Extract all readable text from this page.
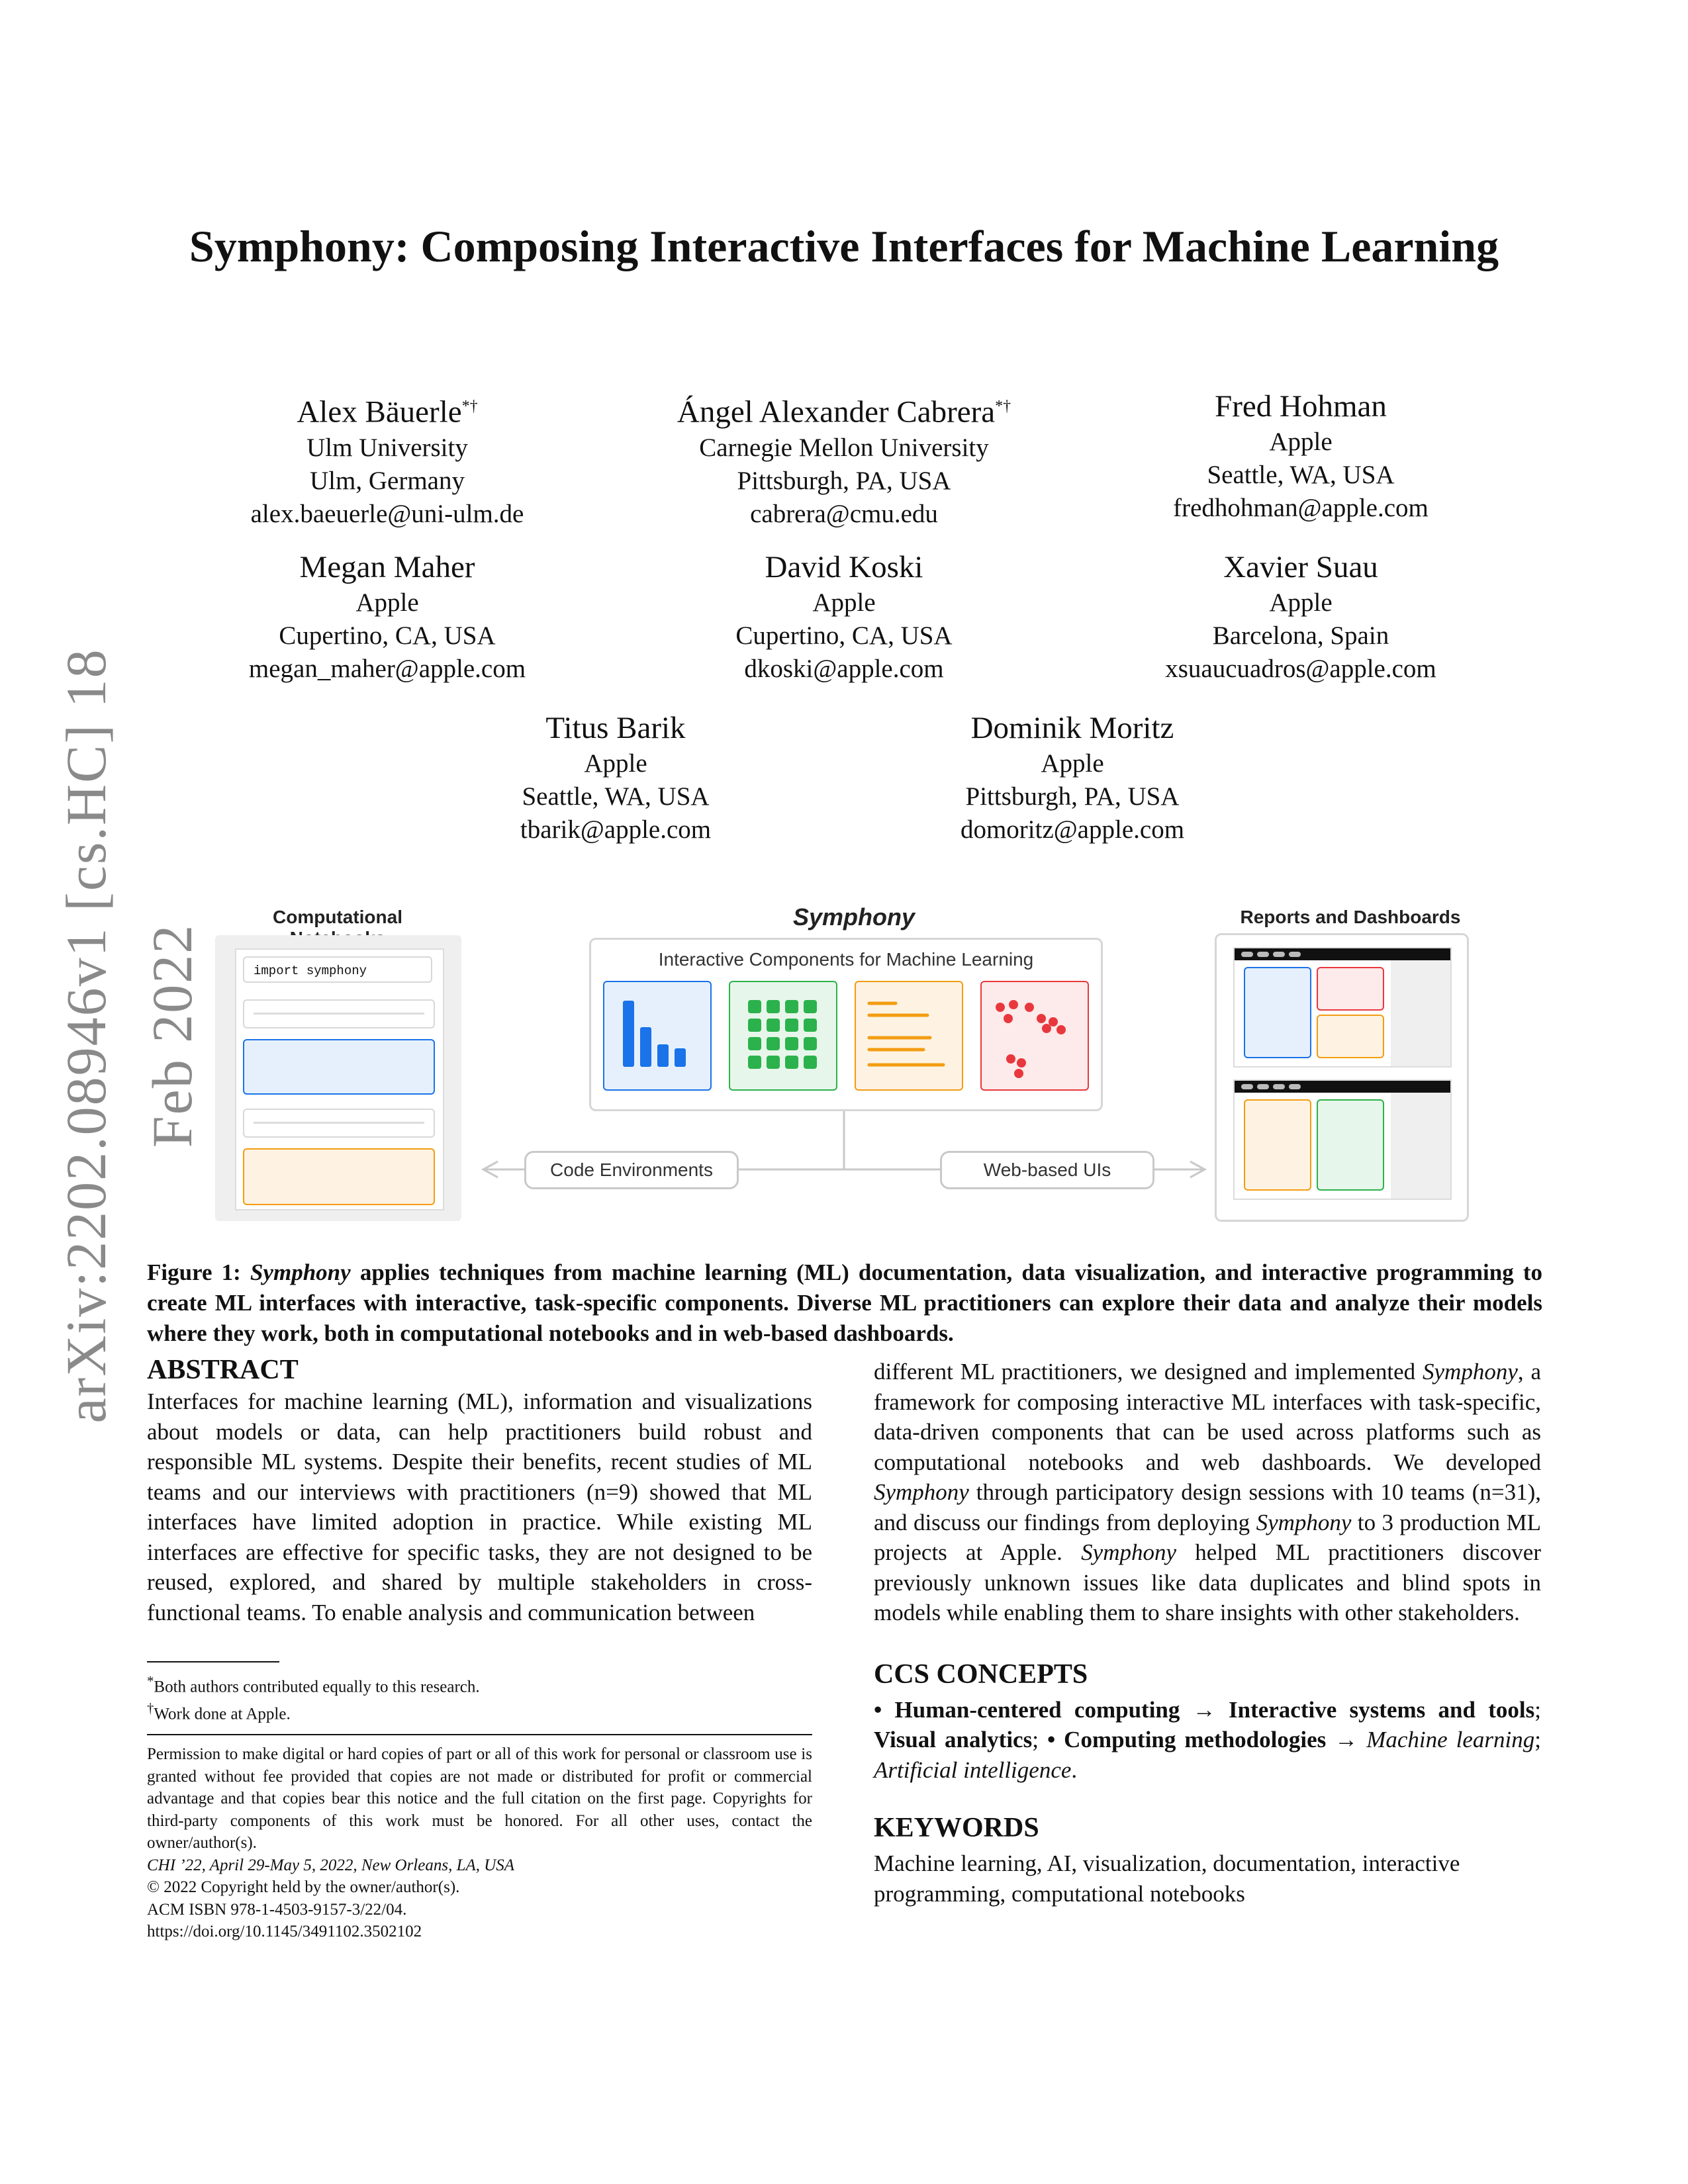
arXiv:2202.08946v1 [cs.HC] 18 Feb 2022
Symphony: Composing Interactive Interfaces for Machine Learning
Alex Bäuerle*†
Ulm University
Ulm, Germany
alex.baeuerle@uni-ulm.de
Ángel Alexander Cabrera*†
Carnegie Mellon University
Pittsburgh, PA, USA
cabrera@cmu.edu
Fred Hohman
Apple
Seattle, WA, USA
fredhohman@apple.com
Megan Maher
Apple
Cupertino, CA, USA
megan_maher@apple.com
David Koski
Apple
Cupertino, CA, USA
dkoski@apple.com
Xavier Suau
Apple
Barcelona, Spain
xsuaucuadros@apple.com
Titus Barik
Apple
Seattle, WA, USA
tbarik@apple.com
Dominik Moritz
Apple
Pittsburgh, PA, USA
domoritz@apple.com
Computational	Symphony	Reports and Dashboards
import symphony
Interactive Components for Machine Learning
Code Environments	Web-based UIs
Figure 1: Symphony applies techniques from machine learning (ML) documentation, data visualization, and interactive programming to create ML interfaces with interactive, task-specific components. Diverse ML practitioners can explore their data and analyze their models where they work, both in computational notebooks and in web-based dashboards.
ABSTRACT

Interfaces for machine learning (ML), information and visualizations about models or data, can help practitioners build robust and responsible ML systems. Despite their benefits, recent studies of ML teams and our interviews with practitioners (n=9) showed that ML interfaces have limited adoption in practice. While existing ML interfaces are effective for specific tasks, they are not designed to be reused, explored, and shared by multiple stakeholders in cross-functional teams. To enable analysis and communication between

*Both authors contributed equally to this research.
†Work done at Apple.
Permission to make digital or hard copies of part or all of this work for personal or classroom use is granted without fee provided that copies are not made or distributed for profit or commercial advantage and that copies bear this notice and the full citation on the first page. Copyrights for third-party components of this work must be honored. For all other uses, contact the owner/author(s).
CHI ’22, April 29-May 5, 2022, New Orleans, LA, USA
© 2022 Copyright held by the owner/author(s).
ACM ISBN 978-1-4503-9157-3/22/04.
https://doi.org/10.1145/3491102.3502102

different ML practitioners, we designed and implemented Symphony, a framework for composing interactive ML interfaces with task-specific, data-driven components that can be used across platforms such as computational notebooks and web dashboards. We developed Symphony through participatory design sessions with 10 teams (n=31), and discuss our findings from deploying Symphony to 3 production ML projects at Apple. Symphony helped ML practitioners discover previously unknown issues like data duplicates and blind spots in models while enabling them to share insights with other stakeholders.

CCS CONCEPTS

• Human-centered computing → Interactive systems and tools; Visual analytics; • Computing methodologies → Machine learning; Artificial intelligence.

KEYWORDS

Machine learning, AI, visualization, documentation, interactive programming, computational notebooks
